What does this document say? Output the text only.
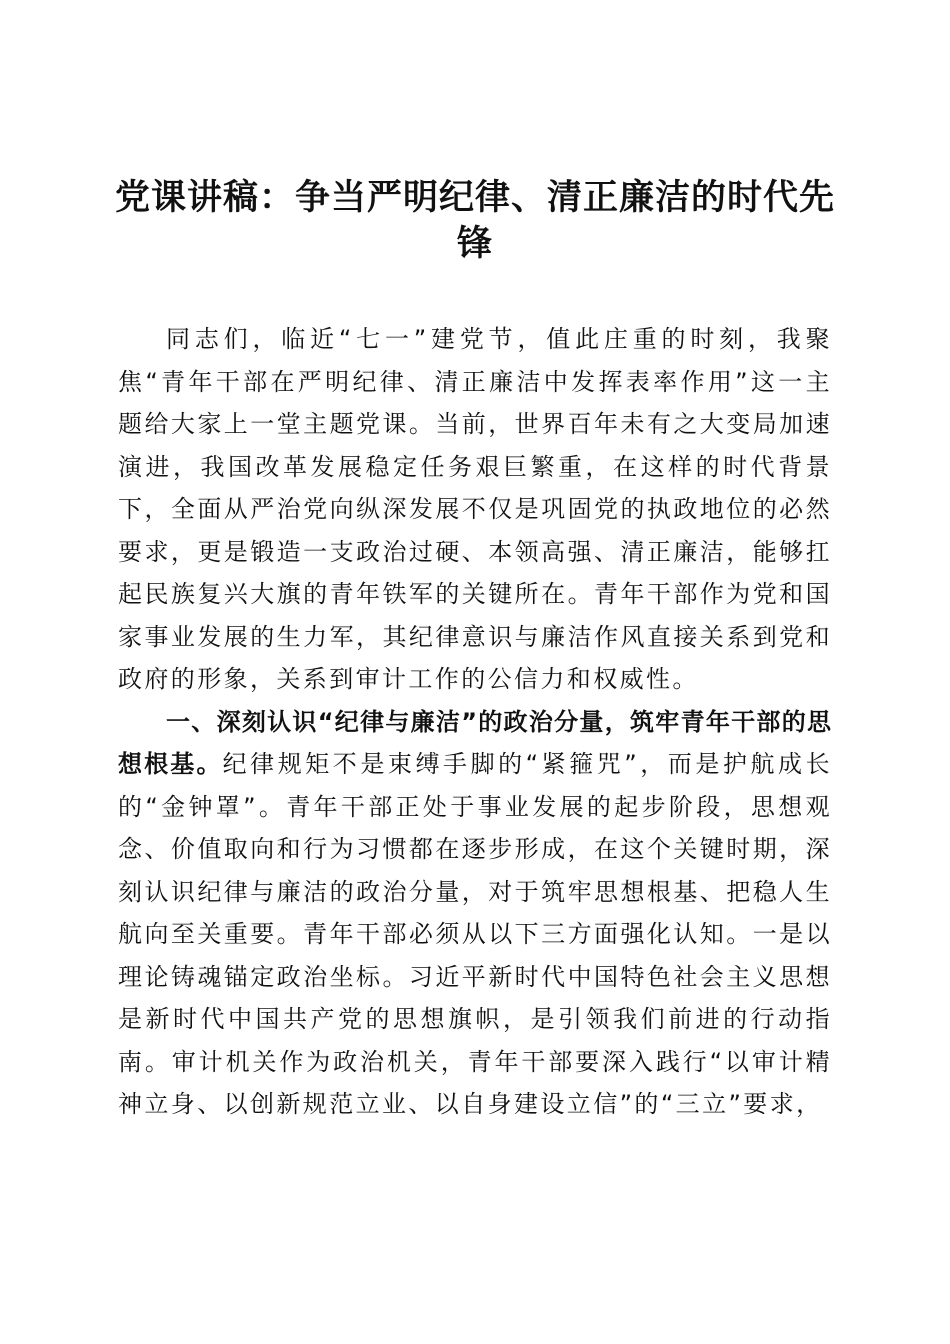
党课讲稿：争当严明纪律、清正廉洁的时代先锋

同志们，临近“七一”建党节，值此庄重的时刻，我聚焦“青年干部在严明纪律、清正廉洁中发挥表率作用”这一主题给大家上一堂主题党课。当前，世界百年未有之大变局加速演进，我国改革发展稳定任务艰巨繁重，在这样的时代背景下，全面从严治党向纵深发展不仅是巩固党的执政地位的必然要求，更是锻造一支政治过硬、本领高强、清正廉洁，能够扛起民族复兴大旗的青年铁军的关键所在。青年干部作为党和国家事业发展的生力军，其纪律意识与廉洁作风直接关系到党和政府的形象，关系到审计工作的公信力和权威性。

一、深刻认识“纪律与廉洁”的政治分量，筑牢青年干部的思想根基。纪律规矩不是束缚手脚的“紧箍咒”，而是护航成长的“金钟罩”。青年干部正处于事业发展的起步阶段，思想观念、价值取向和行为习惯都在逐步形成，在这个关键时期，深刻认识纪律与廉洁的政治分量，对于筑牢思想根基、把稳人生航向至关重要。青年干部必须从以下三方面强化认知。一是以理论铸魂锚定政治坐标。习近平新时代中国特色社会主义思想是新时代中国共产党的思想旗帜，是引领我们前进的行动指南。审计机关作为政治机关，青年干部要深入践行“以审计精神立身、以创新规范立业、以自身建设立信”的“三立”要求，
